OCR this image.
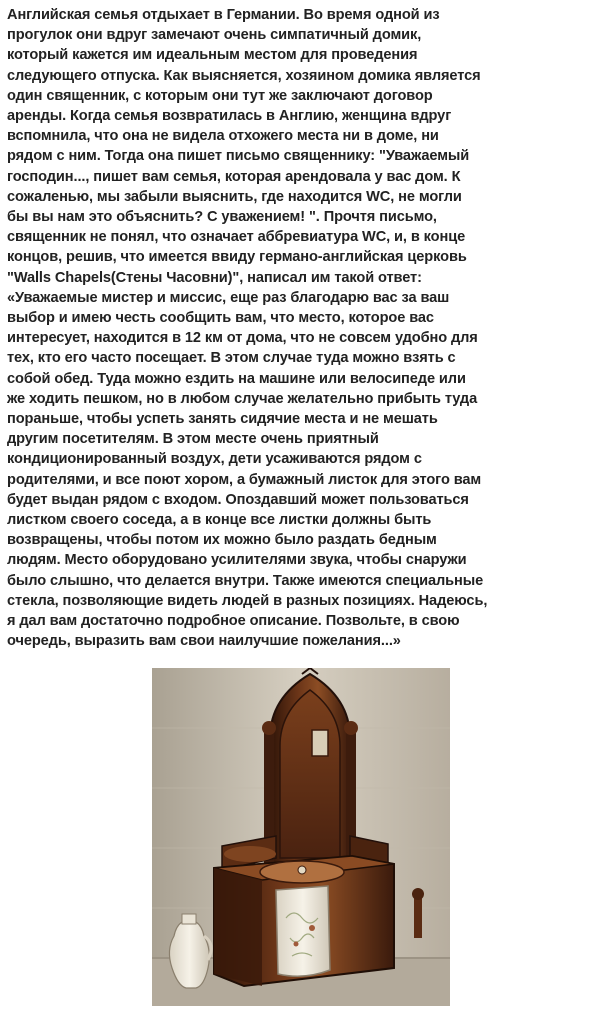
Английская семья отдыхает в Германии. Во время одной из
прогулок они вдруг замечают очень симпатичный домик,
который кажется им идеальным местом для проведения
следующего отпуска. Как выясняется, хозяином домика является
один священник, с которым они тут же заключают договор
аренды. Когда семья возвратилась в Англию, женщина вдруг
вспомнила, что она не видела отхожего места ни в доме, ни
рядом с ним. Тогда она пишет письмо священнику: "Уважаемый
господин..., пишет вам семья, которая арендовала у вас дом. К
сожаленью, мы забыли выяснить, где находится WC, не могли
бы вы нам это объяснить? С уважением! ". Прочтя письмо,
священник не понял, что означает аббревиатура WC, и, в конце
концов, решив, что имеется ввиду германо-английская церковь
"Walls Chapels(Стены Часовни)", написал им такой ответ:
«Уважаемые мистер и миссис, еще раз благодарю вас за ваш
выбор и имею честь сообщить вам, что место, которое вас
интересует, находится в 12 км от дома, что не совсем удобно для
тех, кто его часто посещает. В этом случае туда можно взять с
собой обед. Туда можно ездить на машине или велосипеде или
же ходить пешком, но в любом случае желательно прибыть туда
пораньше, чтобы успеть занять сидячие места и не мешать
другим посетителям. В этом месте очень приятный
кондиционированный воздух, дети усаживаются рядом с
родителями, и все поют хором, а бумажный листок для этого вам
будет выдан рядом с входом. Опоздавший может пользоваться
листком своего соседа, а в конце все листки должны быть
возвращены, чтобы потом их можно было раздать бедным
людям. Место оборудовано усилителями звука, чтобы снаружи
было слышно, что делается внутри. Также имеются специальные
стекла, позволяющие видеть людей в разных позициях. Надеюсь,
я дал вам достаточно подробное описание. Позвольте, в свою
очередь, выразить вам свои наилучшие пожелания...»
